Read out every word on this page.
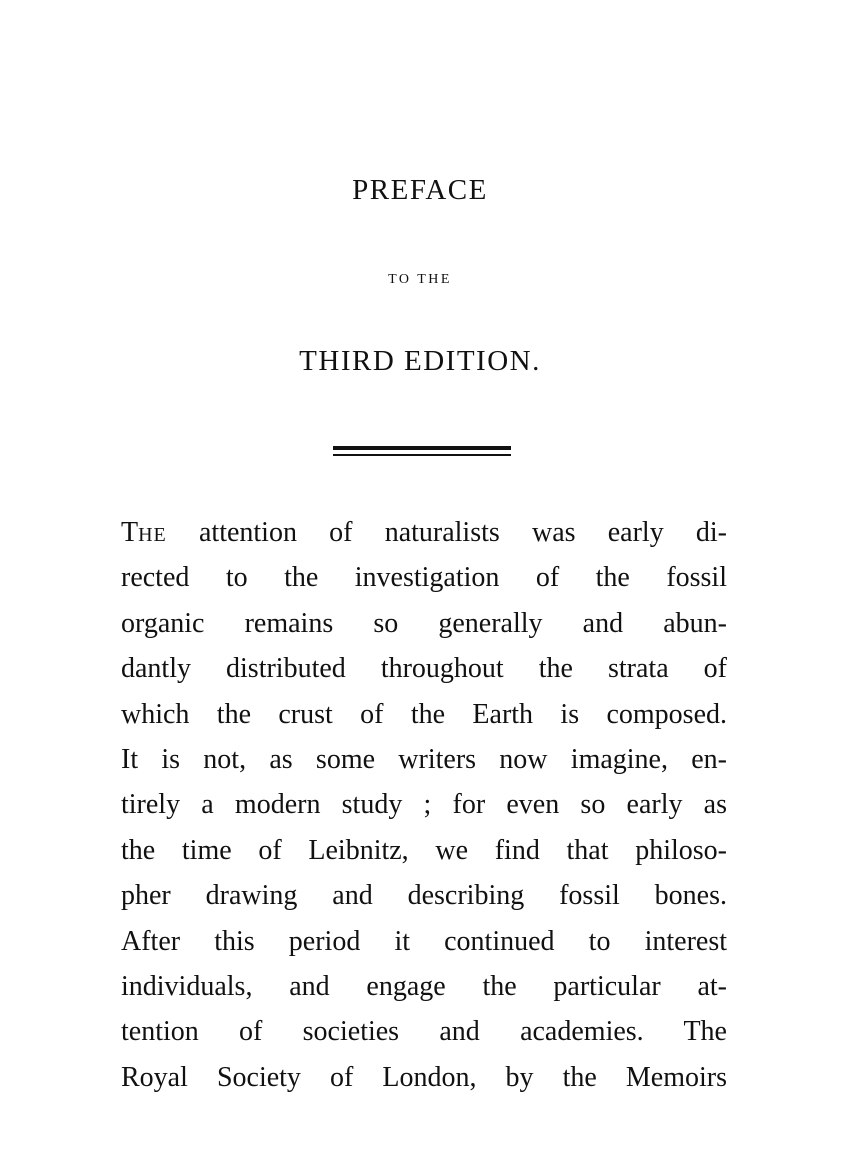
PREFACE
TO THE
THIRD EDITION.
THE attention of naturalists was early di-
rected to the investigation of the fossil
organic remains so generally and abun-
dantly distributed throughout the strata of
which the crust of the Earth is composed.
It is not, as some writers now imagine, en-
tirely a modern study ; for even so early as
the time of Leibnitz, we find that philoso-
pher drawing and describing fossil bones.
After this period it continued to interest
individuals, and engage the particular at-
tention of societies and academies. The
Royal Society of London, by the Memoirs
